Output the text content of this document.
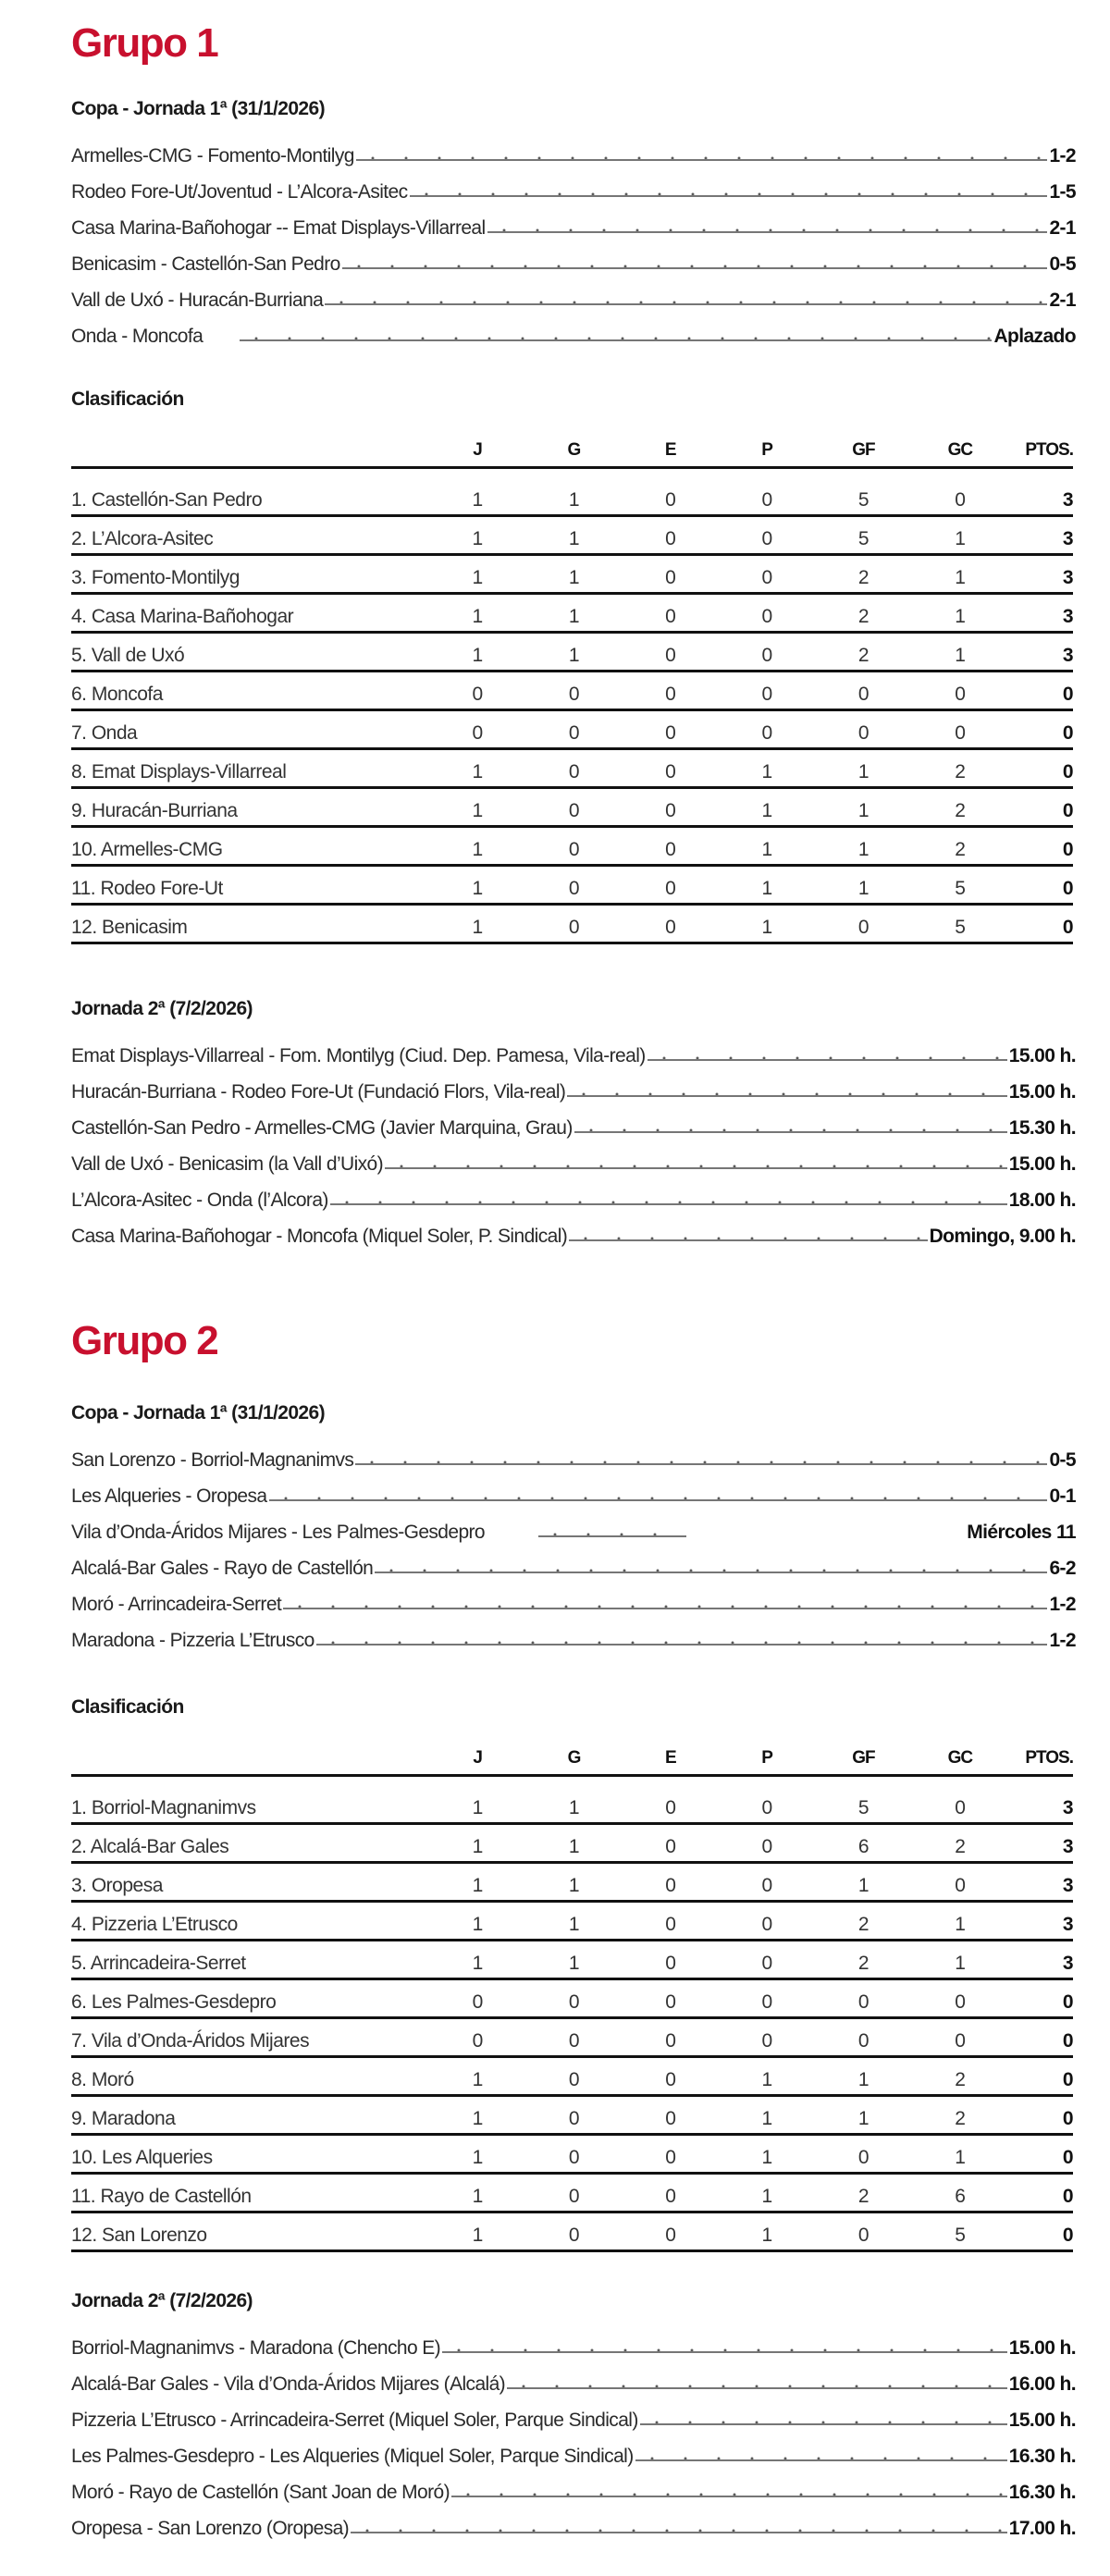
Grupo 1
Copa - Jornada 1ª (31/1/2026)
Armelles-CMG - Fomento-Montilyg	1-2
Rodeo Fore-Ut/Joventud - L’Alcora-Asitec	1-5
Casa Marina-Bañohogar -- Emat Displays-Villarreal	2-1
Benicasim - Castellón-San Pedro	0-5
Vall de Uxó - Huracán-Burriana	2-1
Onda - Moncofa	Aplazado
Clasificación
	J	G	E	P	GF	GC	PTOS.
1. Castellón-San Pedro	1	1	0	0	5	0	3
2. L’Alcora-Asitec	1	1	0	0	5	1	3
3. Fomento-Montilyg	1	1	0	0	2	1	3
4. Casa Marina-Bañohogar	1	1	0	0	2	1	3
5. Vall de Uxó	1	1	0	0	2	1	3
6. Moncofa	0	0	0	0	0	0	0
7. Onda	0	0	0	0	0	0	0
8. Emat Displays-Villarreal	1	0	0	1	1	2	0
9. Huracán-Burriana	1	0	0	1	1	2	0
10. Armelles-CMG	1	0	0	1	1	2	0
11. Rodeo Fore-Ut	1	0	0	1	1	5	0
12. Benicasim	1	0	0	1	0	5	0
Jornada 2ª (7/2/2026)
Emat Displays-Villarreal - Fom. Montilyg (Ciud. Dep. Pamesa, Vila-real)	15.00 h.
Huracán-Burriana - Rodeo Fore-Ut (Fundació Flors, Vila-real)	15.00 h.
Castellón-San Pedro - Armelles-CMG (Javier Marquina, Grau)	15.30 h.
Vall de Uxó - Benicasim (la Vall d’Uixó)	15.00 h.
L’Alcora-Asitec - Onda (l’Alcora)	18.00 h.
Casa Marina-Bañohogar - Moncofa (Miquel Soler, P. Sindical)	Domingo, 9.00 h.
Grupo 2
Copa - Jornada 1ª (31/1/2026)
San Lorenzo - Borriol-Magnanimvs	0-5
Les Alqueries - Oropesa	0-1
Vila d’Onda-Áridos Mijares - Les Palmes-Gesdepro	Miércoles 11
Alcalá-Bar Gales - Rayo de Castellón	6-2
Moró - Arrincadeira-Serret	1-2
Maradona - Pizzeria L’Etrusco	1-2
Clasificación
	J	G	E	P	GF	GC	PTOS.
1. Borriol-Magnanimvs	1	1	0	0	5	0	3
2. Alcalá-Bar Gales	1	1	0	0	6	2	3
3. Oropesa	1	1	0	0	1	0	3
4. Pizzeria L’Etrusco	1	1	0	0	2	1	3
5. Arrincadeira-Serret	1	1	0	0	2	1	3
6. Les Palmes-Gesdepro	0	0	0	0	0	0	0
7. Vila d’Onda-Áridos Mijares	0	0	0	0	0	0	0
8. Moró	1	0	0	1	1	2	0
9. Maradona	1	0	0	1	1	2	0
10. Les Alqueries	1	0	0	1	0	1	0
11. Rayo de Castellón	1	0	0	1	2	6	0
12. San Lorenzo	1	0	0	1	0	5	0
Jornada 2ª (7/2/2026)
Borriol-Magnanimvs - Maradona (Chencho E)	15.00 h.
Alcalá-Bar Gales - Vila d’Onda-Áridos Mijares (Alcalá)	16.00 h.
Pizzeria L’Etrusco - Arrincadeira-Serret (Miquel Soler, Parque Sindical)	15.00 h.
Les Palmes-Gesdepro - Les Alqueries (Miquel Soler, Parque Sindical)	16.30 h.
Moró - Rayo de Castellón (Sant Joan de Moró)	16.30 h.
Oropesa - San Lorenzo (Oropesa)	17.00 h.
